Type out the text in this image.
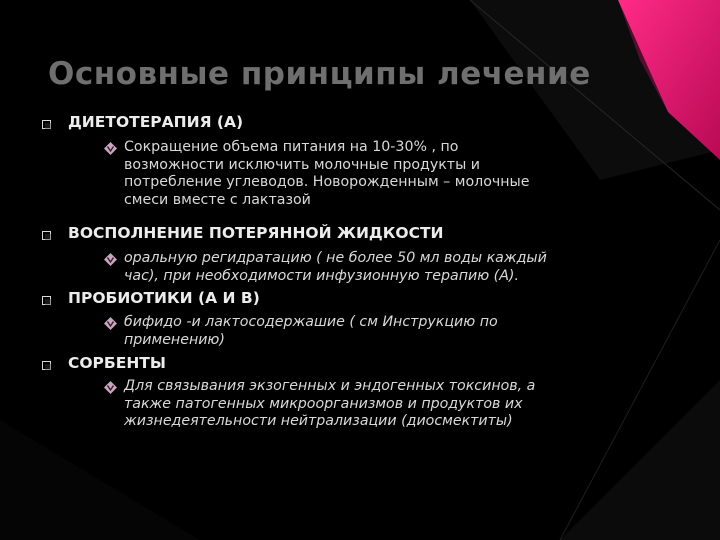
Основные принципы лечение
ДИЕТОТЕРАПИЯ (А)
Сокращение объема питания на 10-30% , по
возможности исключить молочные продукты и
потребление углеводов. Новорожденным – молочные
смеси вместе с лактазой
ВОСПОЛНЕНИЕ ПОТЕРЯННОЙ ЖИДКОСТИ
оральную регидратацию ( не более 50 мл воды каждый
час), при необходимости инфузионную терапию (А).
ПРОБИОТИКИ (А И В)
бифидо -и лактосодержашие ( см Инструкцию по
применению)
СОРБЕНТЫ
Для связывания экзогенных и эндогенных токсинов, а
также патогенных микроорганизмов и продуктов их
жизнедеятельности нейтрализации (диосмектиты)
